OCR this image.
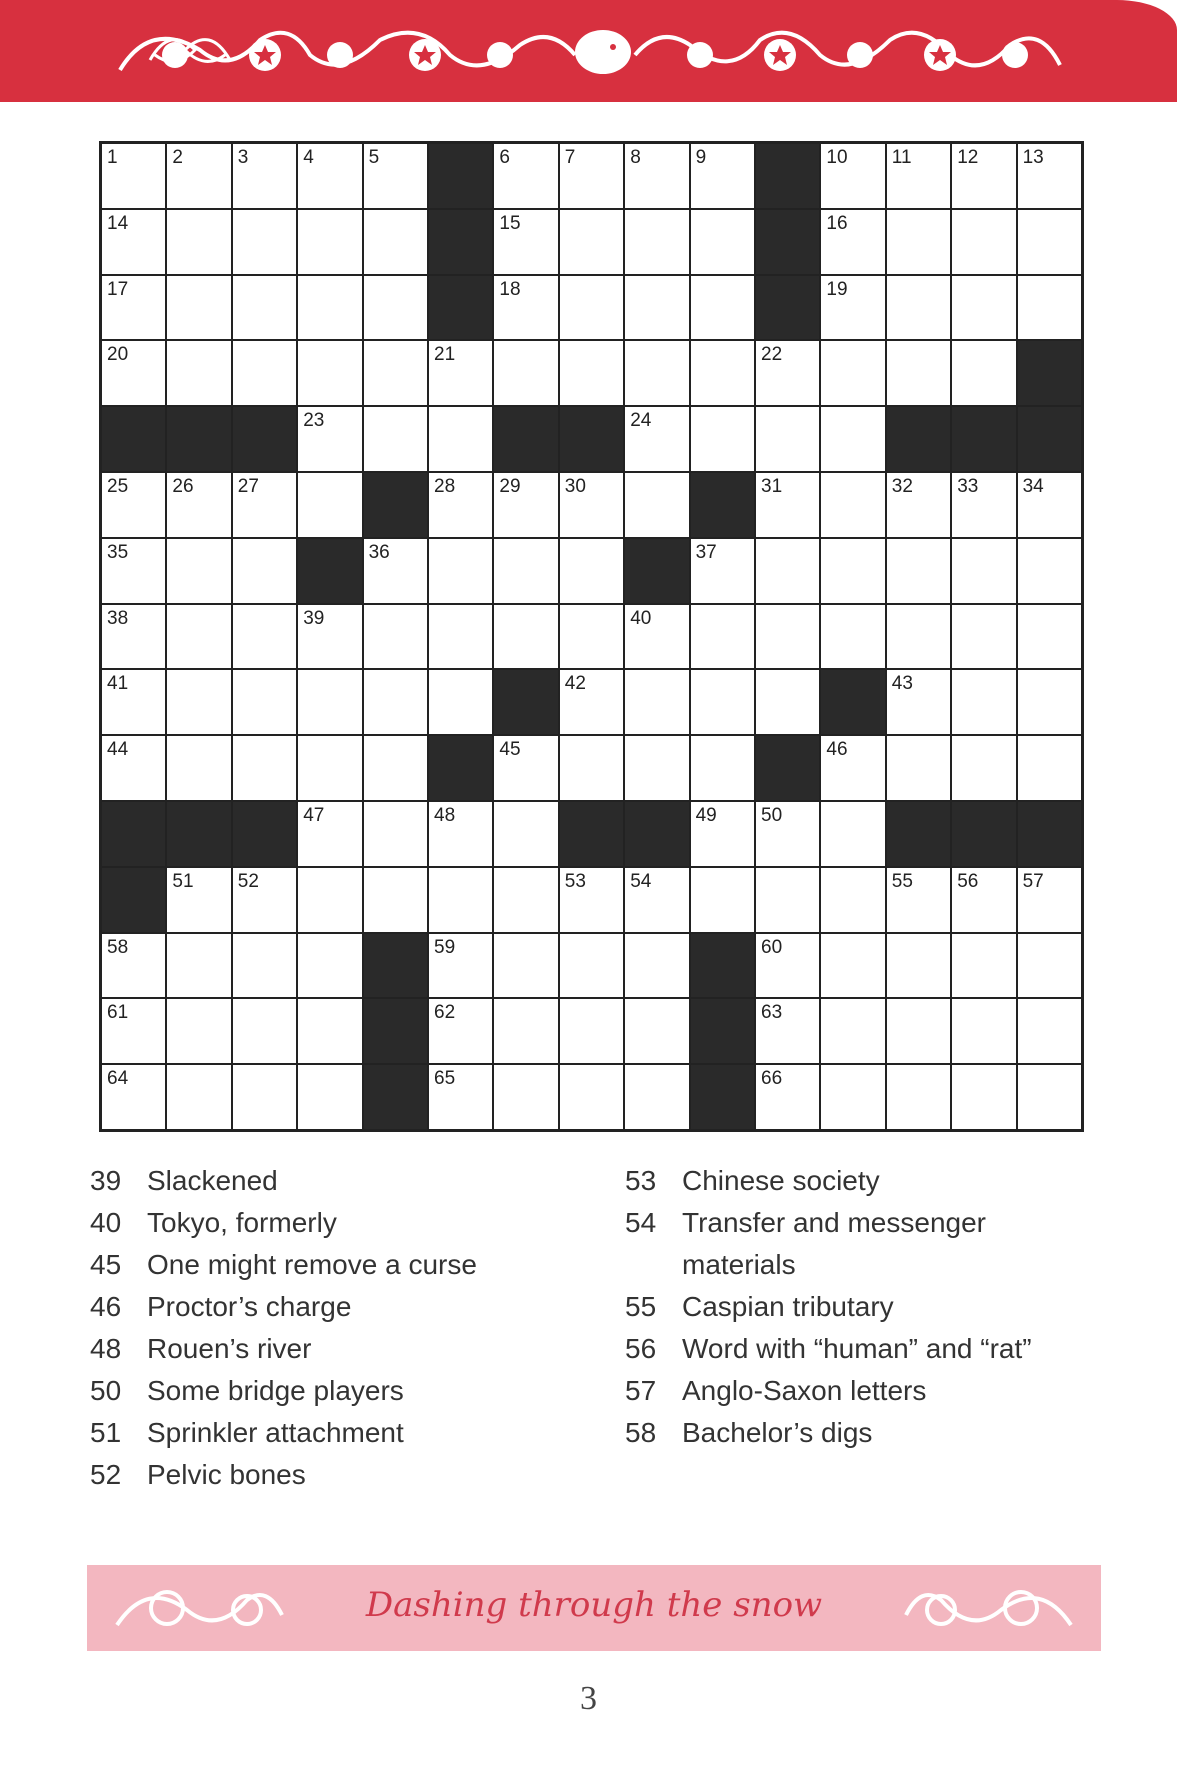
1	2	3	4	5	6	7	8	9	10 11 12 13
14	15	16
17	18	19
20	21	22
23	24
25 26 27	28 29 30	31	32 33 34
35	36	37
38	39	40
41	42	43
44	45	46
47	48	49 50
51 52	53 54	55 56 57
58	59	60
61	62	63
64	65	66
39 Slackened
40 Tokyo, formerly
45 One might remove a curse
46 Proctor’s charge
48 Rouen’s river
50 Some bridge players
51 Sprinkler attachment
52 Pelvic bones
53 Chinese society
54 Transfer and messenger
materials
55 Caspian tributary
56 Word with “human” and “rat”
57 Anglo-Saxon letters
58 Bachelor’s digs
Dashing through the snow
3
